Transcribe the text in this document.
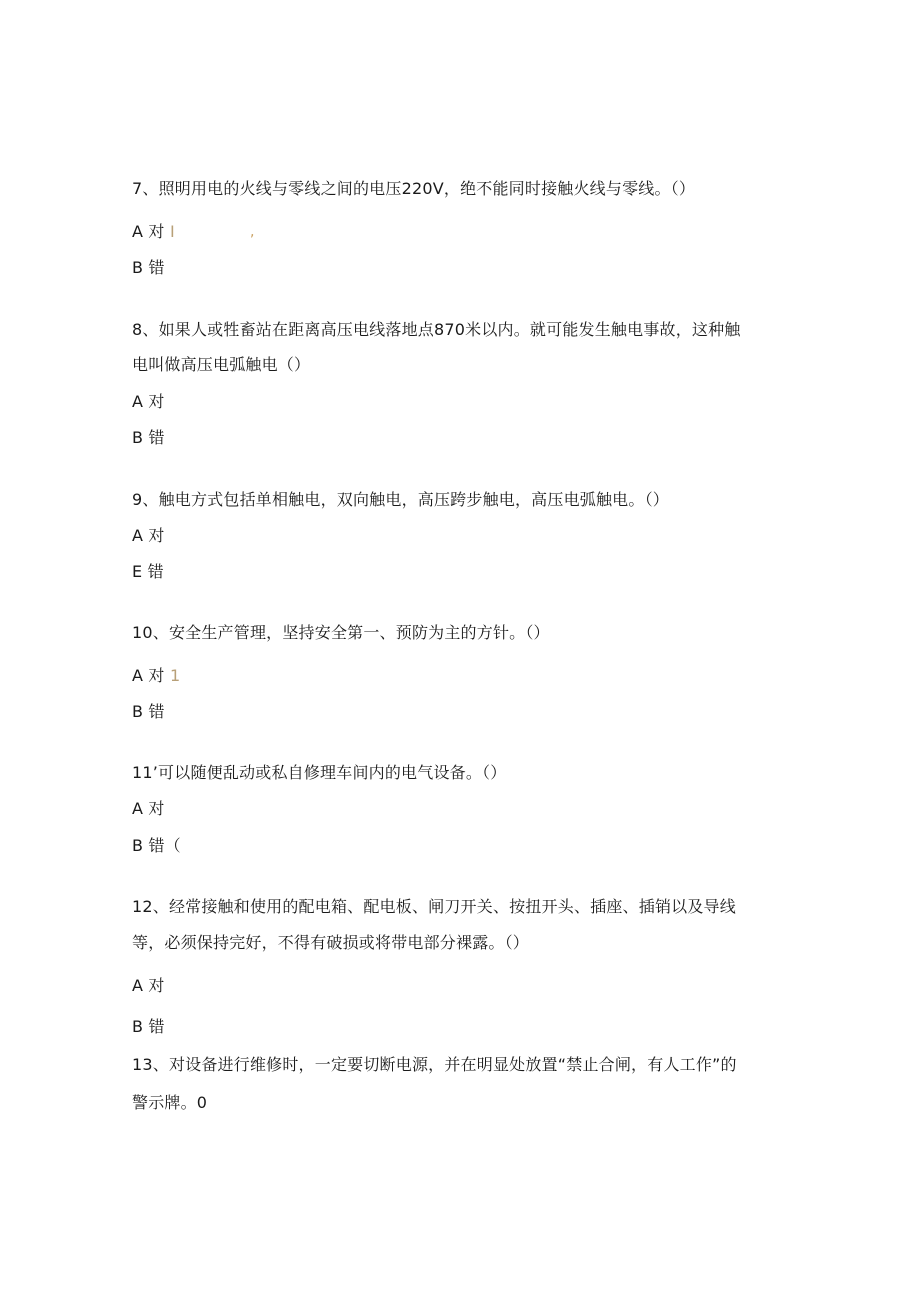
7、照明用电的火线与零线之间的电压220V，绝不能同时接触火线与零线。（）
A 对 I	,
B 错
8、如果人或牲畜站在距离高压电线落地点870米以内。就可能发生触电事故，这种触
电叫做高压电弧触电（）
A 对
B 错
9、触电方式包括单相触电，双向触电，高压跨步触电，高压电弧触电。（）
A 对
E 错
10、安全生产管理，坚持安全第一、预防为主的方针。（）
A 对 1
B 错
11’可以随便乱动或私自修理车间内的电气设备。（）
A 对
B 错（
12、经常接触和使用的配电箱、配电板、闸刀开关、按扭开头、插座、插销以及导线
等，必须保持完好，不得有破损或将带电部分裸露。（）
A 对
B 错
13、对设备进行维修时，一定要切断电源，并在明显处放置“禁止合闸，有人工作”的
警示牌。0
